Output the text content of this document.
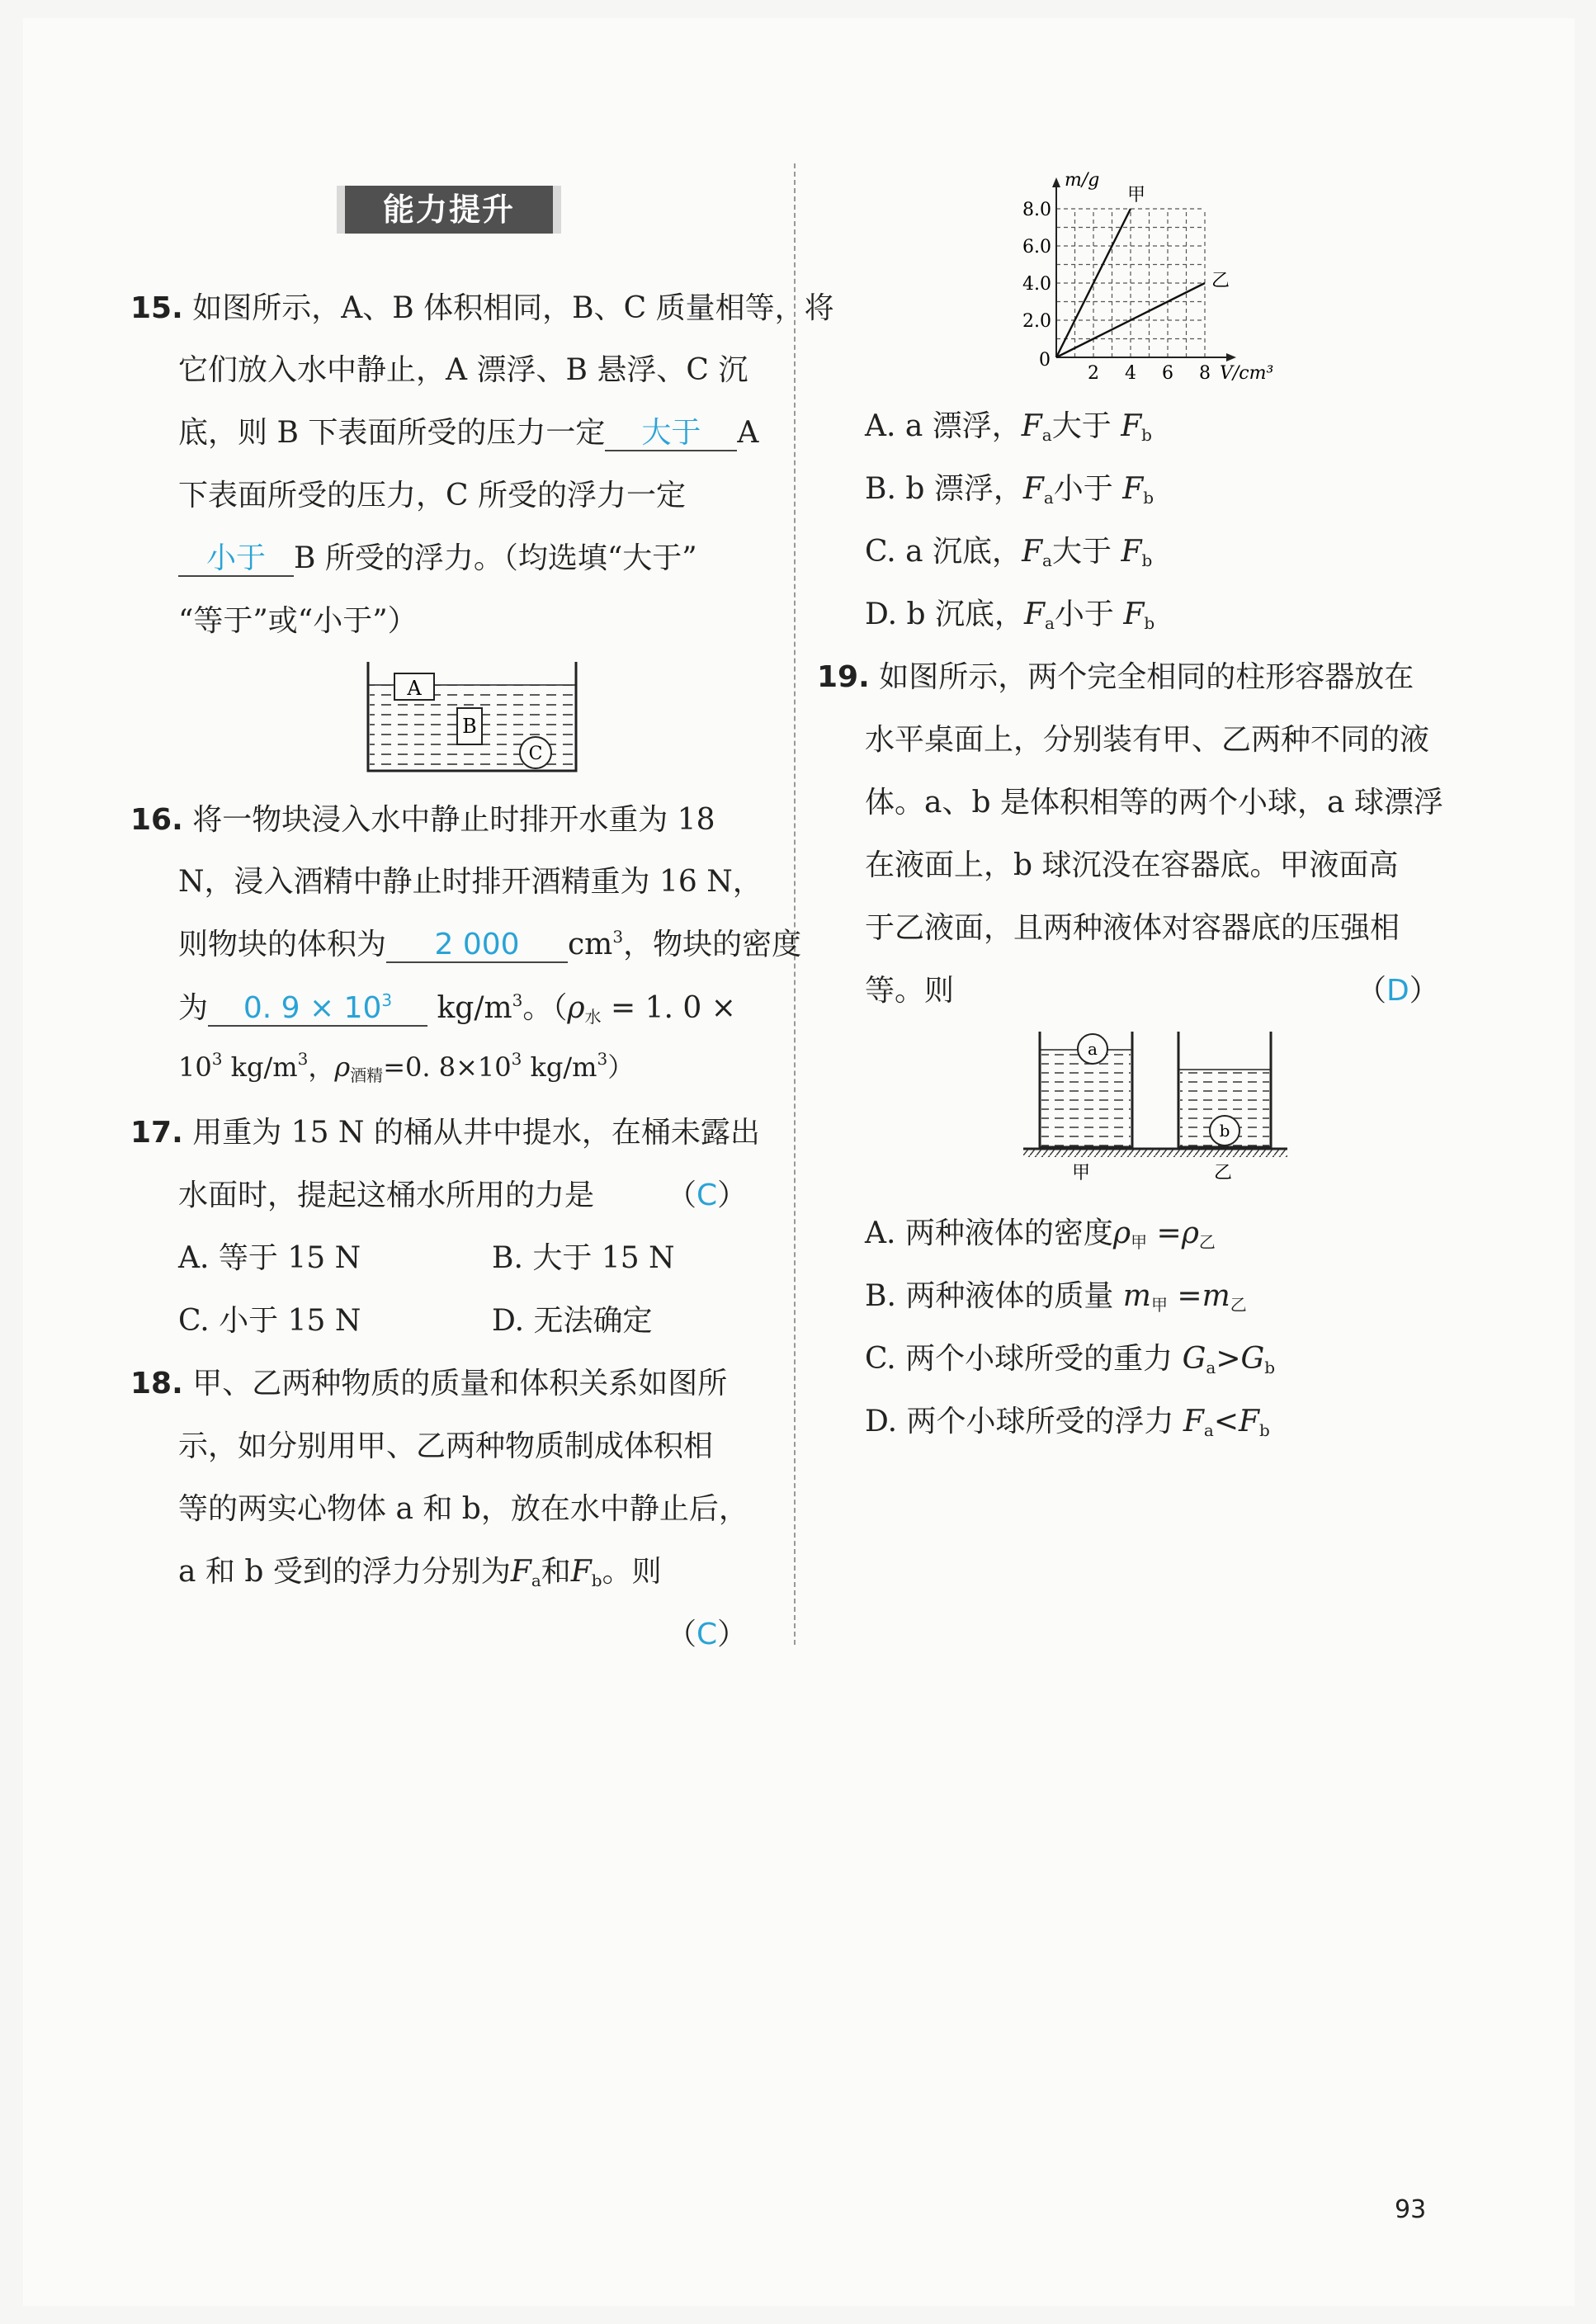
能力提升
15. 如图所示，A、B 体积相同，B、C 质量相等，将
它们放入水中静止，A 漂浮、B 悬浮、C 沉
底，则 B 下表面所受的压力一定 大于 A
下表面所受的压力，C 所受的浮力一定
小于 B 所受的浮力。（均选填“大于”
“等于”或“小于”）
A
B
C
16. 将一物块浸入水中静止时排开水重为 18
N，浸入酒精中静止时排开酒精重为 16 N，
则物块的体积为 2 000 $cm^3$，物块的密度
为 0. $9 \times 10^3$ $kg/m^3$。（$\rho_水 = 1$. 0 ×
$10^3$ $kg/m^3$，$\rho_{酒精}=0$. $8\times 10^3$ $kg/m^3$）
17. 用重为 15 N 的桶从井中提水，在桶未露出
水面时，提起这桶水所用的力是 （C）
A. 等于 15 N	B. 大于 15 N
C. 小于 15 N	D. 无法确定
18. 甲、乙两种物质的质量和体积关系如图所
示，如分别用甲、乙两种物质制成体积相
等的两实心物体 a 和 b，放在水中静止后，
a 和 b 受到的浮力分别为$F_a$和$F_b$。则
（C）
2 4 6 8
2.0
4.0
6.0
8.0
0
m/g
V/cm³
甲
乙
A. a 漂浮，$F_a$大于 $F_b$
B. b 漂浮，$F_a$小于 $F_b$
C. a 沉底，$F_a$大于 $F_b$
D. b 沉底，$F_a$小于 $F_b$
19. 如图所示，两个完全相同的柱形容器放在
水平桌面上，分别装有甲、乙两种不同的液
体。a、b 是体积相等的两个小球，a 球漂浮
在液面上，b 球沉没在容器底。甲液面高
于乙液面，且两种液体对容器底的压强相
等。则	（D）
a
b
甲	乙
A. 两种液体的密度$\rho_甲 =\rho_乙$
B. 两种液体的质量 $m_甲 =m_乙$
C. 两个小球所受的重力 $G_a>G_b$
D. 两个小球所受的浮力 $F_a<F_b$
93
